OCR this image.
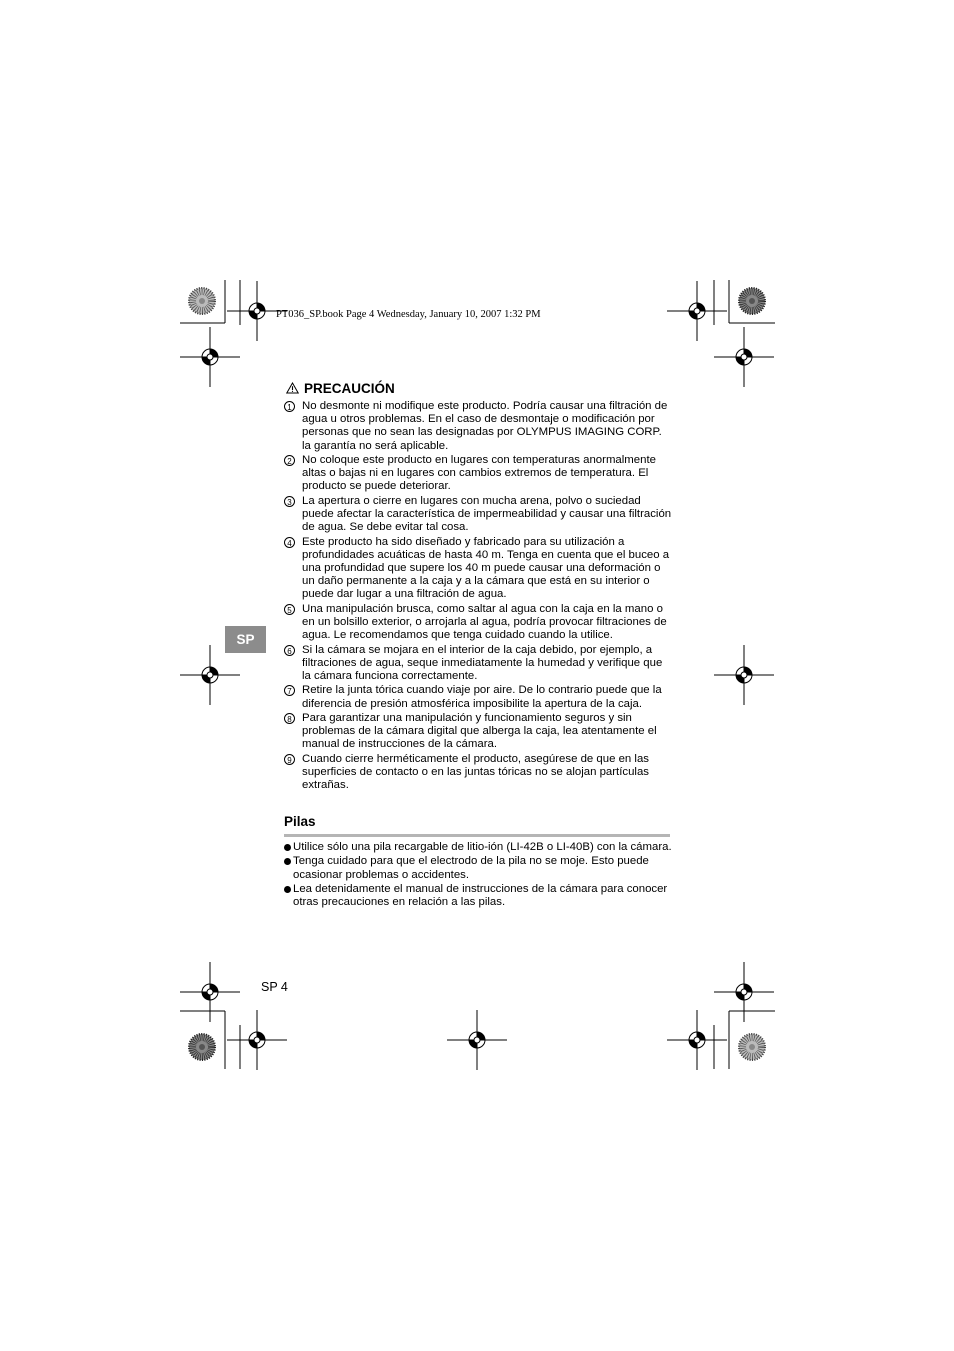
PT036_SP.book Page 4 Wednesday, January 10, 2007 1:32 PM
SP
PRECAUCIÓN
1 No desmonte ni modifique este producto. Podría causar una filtración de agua u otros problemas. En el caso de desmontaje o modificación por personas que no sean las designadas por OLYMPUS IMAGING CORP. la garantía no será aplicable.
2 No coloque este producto en lugares con temperaturas anormalmente altas o bajas ni en lugares con cambios extremos de temperatura. El producto se puede deteriorar.
3 La apertura o cierre en lugares con mucha arena, polvo o suciedad puede afectar la característica de impermeabilidad y causar una filtración de agua. Se debe evitar tal cosa.
4 Este producto ha sido diseñado y fabricado para su utilización a profundidades acuáticas de hasta 40 m. Tenga en cuenta que el buceo a una profundidad que supere los 40 m puede causar una deformación o un daño permanente a la caja y a la cámara que está en su interior o puede dar lugar a una filtración de agua.
5 Una manipulación brusca, como saltar al agua con la caja en la mano o en un bolsillo exterior, o arrojarla al agua, podría provocar filtraciones de agua. Le recomendamos que tenga cuidado cuando la utilice.
6 Si la cámara se mojara en el interior de la caja debido, por ejemplo, a filtraciones de agua, seque inmediatamente la humedad y verifique que la cámara funciona correctamente.
7 Retire la junta tórica cuando viaje por aire. De lo contrario puede que la diferencia de presión atmosférica imposibilite la apertura de la caja.
8 Para garantizar una manipulación y funcionamiento seguros y sin problemas de la cámara digital que alberga la caja, lea atentamente el manual de instrucciones de la cámara.
9 Cuando cierre herméticamente el producto, asegúrese de que en las superficies de contacto o en las juntas tóricas no se alojan partículas extrañas.
Pilas
Utilice sólo una pila recargable de litio-ión (LI-42B o LI-40B) con la cámara.
Tenga cuidado para que el electrodo de la pila no se moje. Esto puede ocasionar problemas o accidentes.
Lea detenidamente el manual de instrucciones de la cámara para conocer otras precauciones en relación a las pilas.
SP 4
